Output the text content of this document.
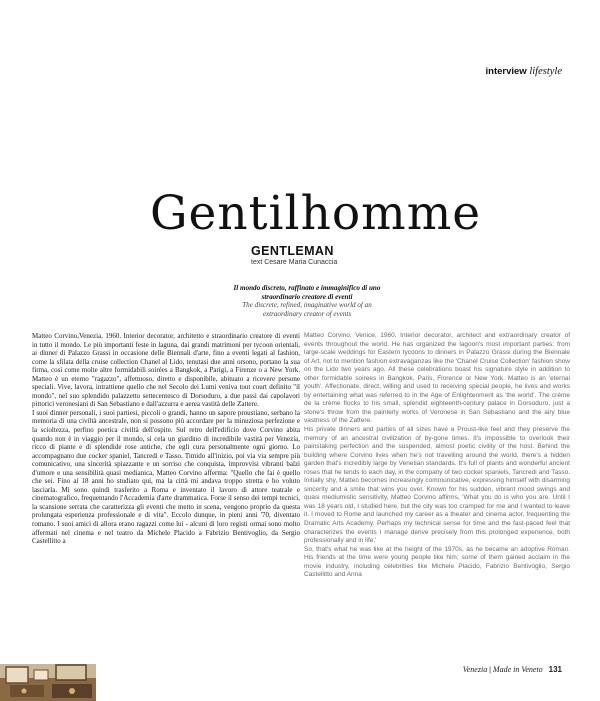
interview lifestyle
Gentilhomme
GENTLEMAN
text Cesare Maria Cunaccia
Il mondo discreto, raffinato e immaginifico di uno straordinario creatore di eventi
The discrete, refined, imaginative world of an extraordinary creator of events

Matteo Corvino,Venezia, 1960. Interior decorator, architetto e straordinario creatore di eventi in tutto il mondo. Le più importanti feste in laguna, dai grandi matrimoni per tycoon orientali, ai dinner di Palazzo Grassi in occasione delle Biennali d'arte, fino a eventi legati al fashion, come la sfilata della cruise collection Chanel al Lido, tenutasi due anni orsono, portano la sua firma, così come molte altre formidabili soirées a Bangkok, a Parigi, a Firenze o a New York. Matteo è un eterno "ragazzo", affettuoso, diretto e disponibile, abituato a ricevere persone speciali. Vive, lavora, intrattiene quello che nel Secolo dei Lumi veniva tout court definito "il mondo", nel suo splendido palazzetto settecentesco di Dorsoduro, a due passi dai capolavori pittorici veronesiani di San Sebastiano e dall'azzurra e aerea vastità delle Zattere.

I suoi dinner personali, i suoi partiesi, piccoli o grandi, hanno un sapore proustiano, serbano la memoria di una civiltà ancestrale, non si possono più accordare per la minuziosa perfezione e la scioltezza, perfino poetica civiltà dell'ospite. Sul retro dell'edificio dove Corvino abita quando non è in viaggio per il mondo, si cela un giardino di incredibile vastità per Venezia, ricco di piante e di splendide rose antiche, che egli cura personalmente ogni giorno. Lo accompagnano due cocker spaniel, Tancredi e Tasso. Timido all'inizio, poi via via sempre più comunicativo, una sincerità spiazzante e un sorriso che conquista, improvvisi vibranti balzi d'umore e una sensibilità quasi medianica, Matteo Corvino afferma: "Quello che fai è quello che sei. Fino ai 18 anni ho studiato qui, ma la città mi andava troppo stretta e ho voluto lasciarla. Mi sono quindi trasferito a Roma e inventato il lavoro di attore teatrale e cinematografico, frequentando l'Accademia d'arte drammatica. Forse il senso dei tempi tecnici, la scansione serrata che caratterizza gli eventi che metto in scena, vengono proprio da questa prolungata esperienza professionale e di vita". Eccolo dunque, in pieni anni '70, diventato romano. I suoi amici di allora erano ragazzi come lui - alcuni di loro registi ormai sono molto affermati nel cinema e nel teatro da Michele Placido a Fabrizio Bentivoglio, da Sergio Castellitto a

Matteo Corvino, Venice, 1960. Interior decorator, architect and extraordinary creator of events throughout the world. He has organized the lagoon's most important parties: from large-scale weddings for Eastern tycoons to dinners in Palazzo Grassi during the Biennale of Art, not to mention fashion extravaganzas like the 'Chanel Cruise Collection' fashion show on the Lido two years ago. All these celebrations boast his signature style in addition to other formidable soirees in Bangkok, Paris, Florence or New York. Matteo is an 'eternal youth'. Affectionate, direct, willing and used to receiving special people, he lives and works by entertaining what was referred to in the Age of Enlightenment as 'the world'. The crème de la crème flocks to his small, splendid eighteenth-century palace in Dorsoduro, just a stone's throw from the painterly works of Veronese in San Sebastiano and the airy blue vastness of the Zattere.

His private dinners and parties of all sizes have a Proust-like feel and they preserve the memory of an ancestral civilization of by-gone times. It's impossible to overlook their painstaking perfection and the suspended, almost poetic civility of the host. Behind the building where Corvino lives when he's not travelling around the world, there's a hidden garden that's incredibly large by Venetian standards. It's full of plants and wonderful ancient roses that he tends to each day, in the company of two cocker spaniels, Tancredi and Tasso. Initially shy, Matteo becomes increasingly communicative, expressing himself with disarming sincerity and a smile that wins you over. Known for his sudden, vibrant mood swings and quasi mediumistic sensitivity, Matteo Corvino affirms, 'What you do is who you are. Until I was 18 years old, I studied here, but the city was too cramped for me and I wanted to leave it. I moved to Rome and launched my career as a theater and cinema actor, frequenting the Dramatic Arts Academy. Perhaps my technical sense for time and the fast-paced feel that characterizes the events I manage derive precisely from this prolonged experience, both professionally and in life.'

So, that's what he was like at the height of the 1970s, as he became an adoptive Roman. His friends at the time were young people like him; some of them gained acclaim in the movie industry, including celebrities like Michele Placido, Fabrizio Bentivoglio, Sergio Castellitto and Anna

Venezia | Made in Veneto 131
